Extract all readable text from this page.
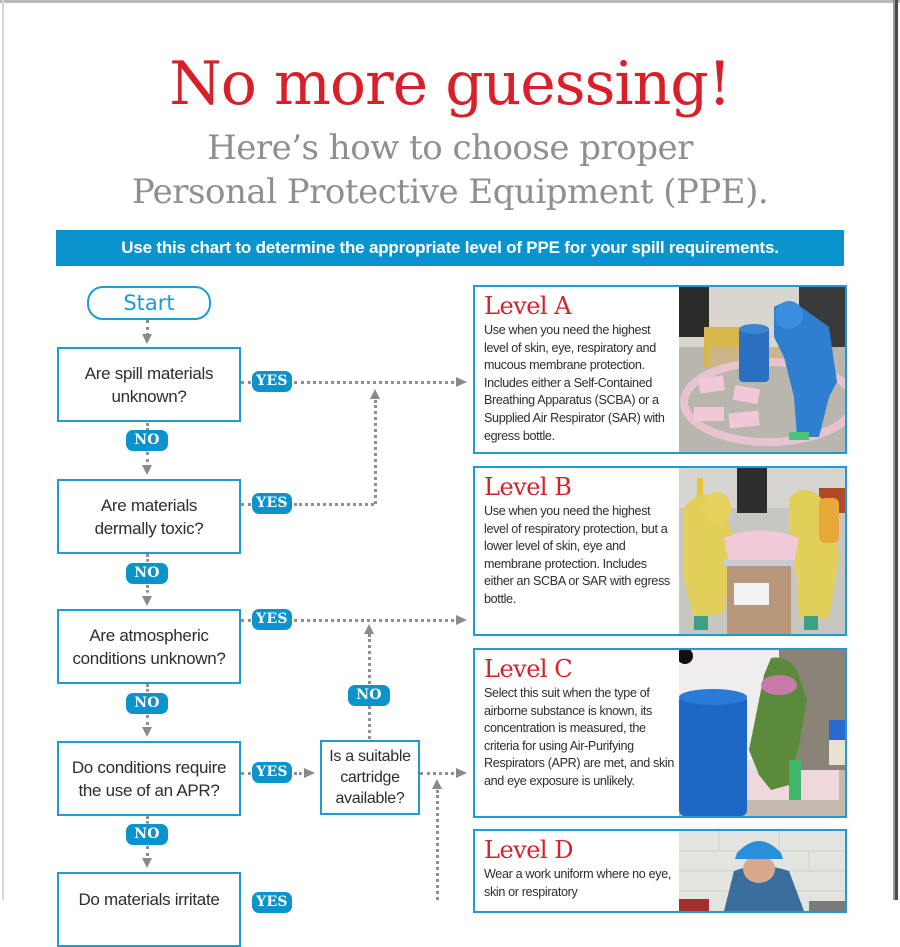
No more guessing!
Here’s how to choose proper
Personal Protective Equipment (PPE).
Use this chart to determine the appropriate level of PPE for your spill requirements.
Start
Are spill materials
unknown?
YES
NO
Are materials
dermally toxic?
YES
NO
Are atmospheric
conditions unknown?
YES
NO
Do conditions require
the use of an APR?
YES
Is a suitable
cartridge
available?
NO
NO
Do materials irritate	YES
Level A
Use when you need the highest level of skin, eye, respiratory and mucous membrane protection. Includes either a Self-Contained Breathing Apparatus (SCBA) or a Supplied Air Respirator (SAR) with egress bottle.
Level B
Use when you need the highest level of respiratory protection, but a lower level of skin, eye and membrane protection. Includes either an SCBA or SAR with egress bottle.
Level C
Select this suit when the type of airborne substance is known, its concentration is measured, the criteria for using Air-Purifying Respirators (APR) are met, and skin and eye exposure is unlikely.
Level D
Wear a work uniform where no eye, skin or respiratory
